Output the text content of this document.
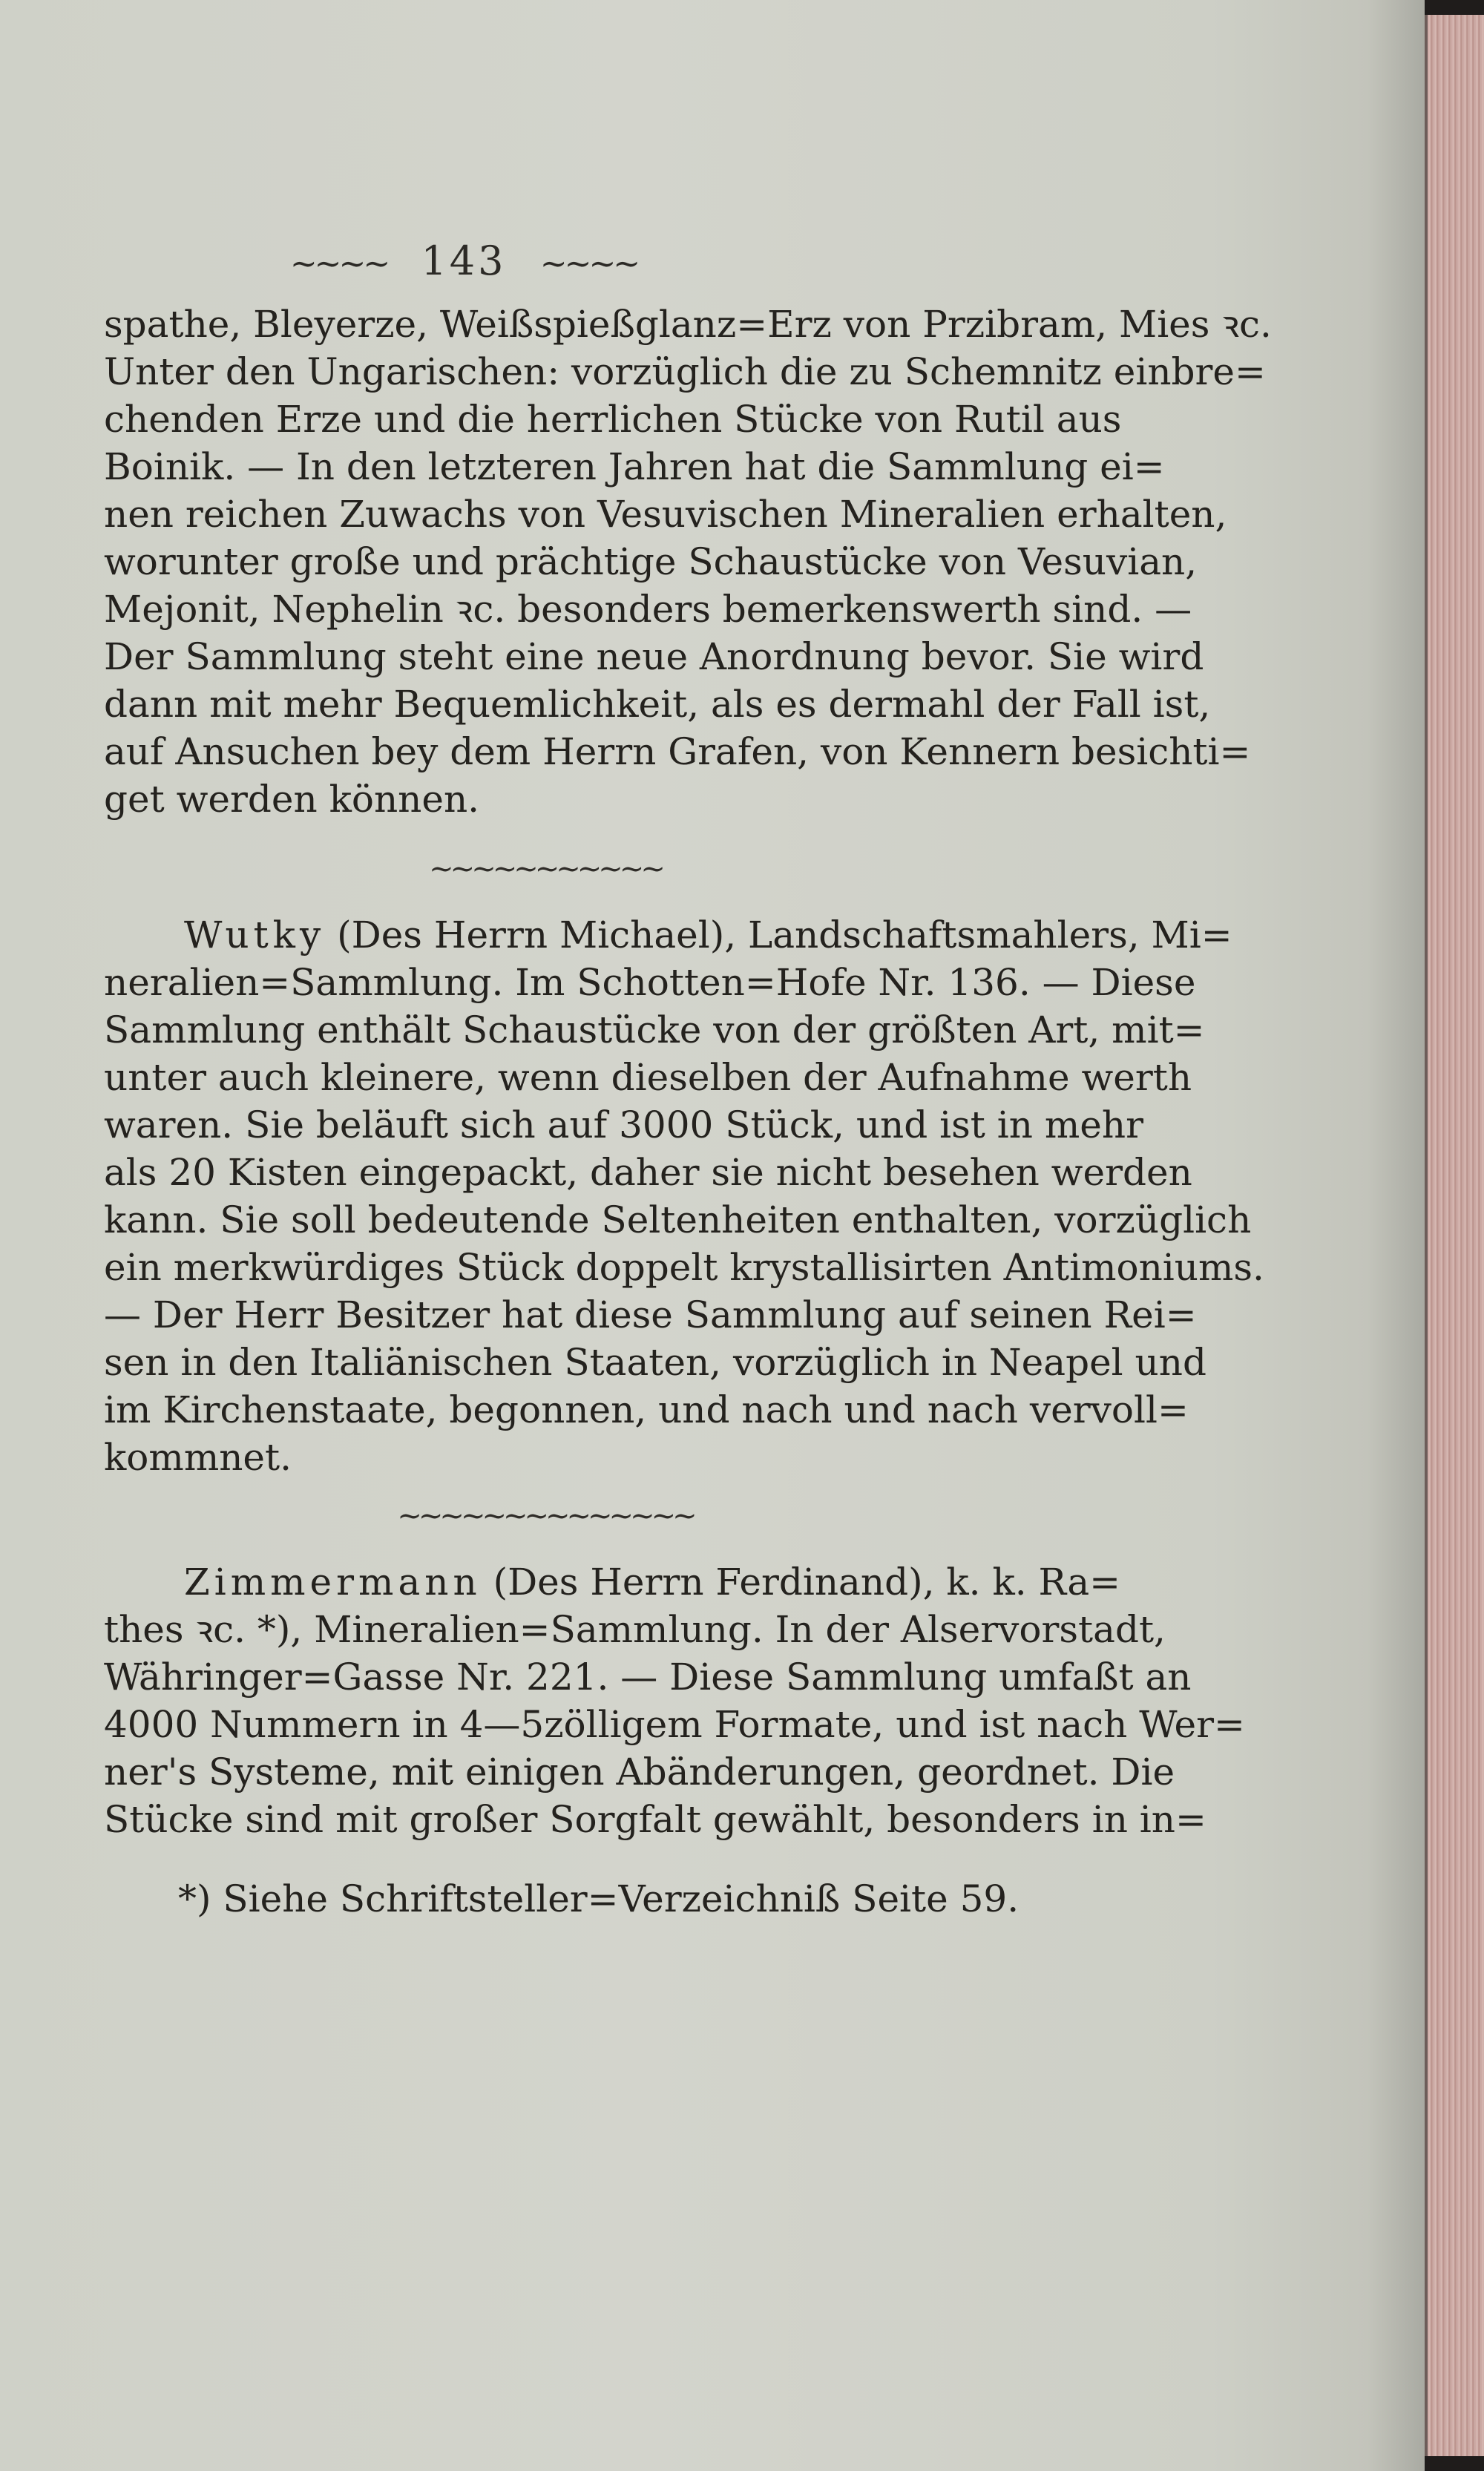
~~~~ 143 ~~~~
spathe, Bleyerze, Weißspießglanz=Erz von Przibram, Mies ꝛc.
Unter den Ungarischen: vorzüglich die zu Schemnitz einbre=
chenden Erze und die herrlichen Stücke von Rutil aus
Boinik. — In den letzteren Jahren hat die Sammlung ei=
nen reichen Zuwachs von Vesuvischen Mineralien erhalten,
worunter große und prächtige Schaustücke von Vesuvian,
Mejonit, Nephelin ꝛc. besonders bemerkenswerth sind. —
Der Sammlung steht eine neue Anordnung bevor. Sie wird
dann mit mehr Bequemlichkeit, als es dermahl der Fall ist,
auf Ansuchen bey dem Herrn Grafen, von Kennern besichti=
get werden können.
~~~~~~~~~~~
Wutky (Des Herrn Michael), Landschaftsmahlers, Mi=
neralien=Sammlung. Im Schotten=Hofe Nr. 136. — Diese
Sammlung enthält Schaustücke von der größten Art, mit=
unter auch kleinere, wenn dieselben der Aufnahme werth
waren. Sie beläuft sich auf 3000 Stück, und ist in mehr
als 20 Kisten eingepackt, daher sie nicht besehen werden
kann. Sie soll bedeutende Seltenheiten enthalten, vorzüglich
ein merkwürdiges Stück doppelt krystallisirten Antimoniums.
— Der Herr Besitzer hat diese Sammlung auf seinen Rei=
sen in den Italiänischen Staaten, vorzüglich in Neapel und
im Kirchenstaate, begonnen, und nach und nach vervoll=
kommnet.
~~~~~~~~~~~~~~
Zimmermann (Des Herrn Ferdinand), k. k. Ra=
thes ꝛc. *), Mineralien=Sammlung. In der Alservorstadt,
Währinger=Gasse Nr. 221. — Diese Sammlung umfaßt an
4000 Nummern in 4—5zölligem Formate, und ist nach Wer=
ner's Systeme, mit einigen Abänderungen, geordnet. Die
Stücke sind mit großer Sorgfalt gewählt, besonders in in=
*) Siehe Schriftsteller=Verzeichniß Seite 59.
